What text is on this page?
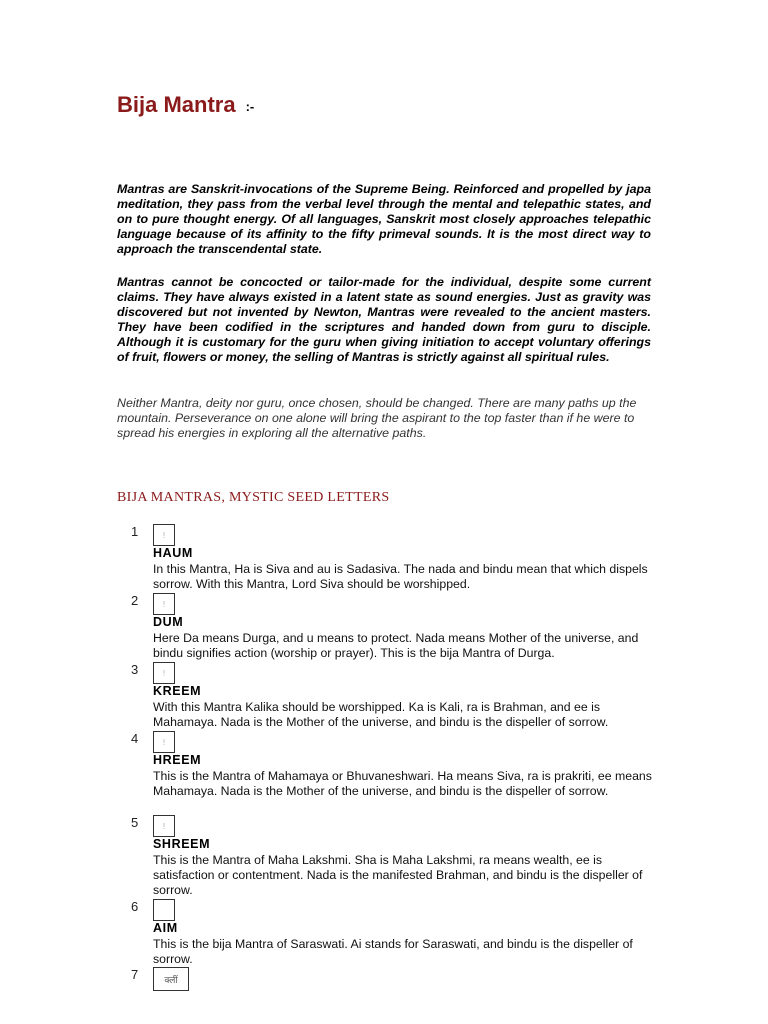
Bija Mantra :-
Mantras are Sanskrit-invocations of the Supreme Being. Reinforced and propelled by japa meditation, they pass from the verbal level through the mental and telepathic states, and on to pure thought energy. Of all languages, Sanskrit most closely approaches telepathic language because of its affinity to the fifty primeval sounds. It is the most direct way to approach the transcendental state.
Mantras cannot be concocted or tailor-made for the individual, despite some current claims. They have always existed in a latent state as sound energies. Just as gravity was discovered but not invented by Newton, Mantras were revealed to the ancient masters. They have been codified in the scriptures and handed down from guru to disciple. Although it is customary for the guru when giving initiation to accept voluntary offerings of fruit, flowers or money, the selling of Mantras is strictly against all spiritual rules.
Neither Mantra, deity nor guru, once chosen, should be changed. There are many paths up the mountain. Perseverance on one alone will bring the aspirant to the top faster than if he were to spread his energies in exploring all the alternative paths.
BIJA MANTRAS, MYSTIC SEED LETTERS
1	!
HAUM
In this Mantra, Ha is Siva and au is Sadasiva. The nada and bindu mean that which dispels sorrow. With this Mantra, Lord Siva should be worshipped.
2	!
DUM
Here Da means Durga, and u means to protect. Nada means Mother of the universe, and bindu signifies action (worship or prayer). This is the bija Mantra of Durga.
3	!
KREEM
With this Mantra Kalika should be worshipped. Ka is Kali, ra is Brahman, and ee is Mahamaya. Nada is the Mother of the universe, and bindu is the dispeller of sorrow.
4	!
HREEM
This is the Mantra of Mahamaya or Bhuvaneshwari. Ha means Siva, ra is prakriti, ee means Mahamaya. Nada is the Mother of the universe, and bindu is the dispeller of sorrow.
5	!
SHREEM
This is the Mantra of Maha Lakshmi. Sha is Maha Lakshmi, ra means wealth, ee is satisfaction or contentment. Nada is the manifested Brahman, and bindu is the dispeller of sorrow.
6
AIM
This is the bija Mantra of Saraswati. Ai stands for Saraswati, and bindu is the dispeller of sorrow.
7	क्लीं
